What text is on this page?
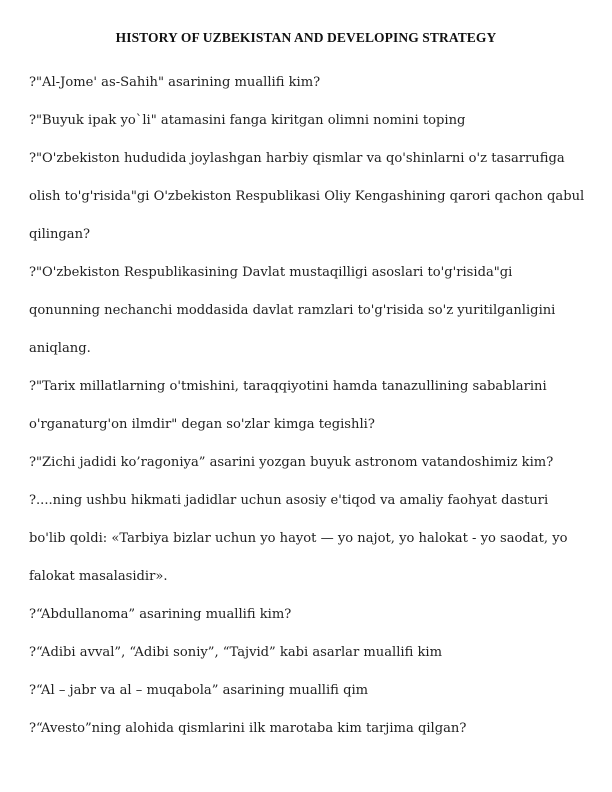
HISTORY OF UZBEKISTAN AND DEVELOPING STRATEGY
?"Al-Jome' as-Sahih" asarining muallifi kim?
?"Buyuk ipak yo`li" atamasini fanga kiritgan olimni nomini toping
?"O'zbekiston hududida joylashgan harbiy qismlar va qo'shinlarni o'z tasarrufiga
olish to'g'risida"gi O'zbekiston Respublikasi Oliy Kengashining qarori qachon qabul
qilingan?
?"O'zbekiston Respublikasining Davlat mustaqilligi asoslari to'g'risida"gi
qonunning nechanchi moddasida davlat ramzlari to'g'risida so'z yuritilganligini
aniqlang.
?"Tarix millatlarning o'tmishini, taraqqiyotini hamda tanazullining sabablarini
o'rganaturg'on ilmdir" degan so'zlar kimga tegishli?
?"Zichi jadidi ko’ragoniya” asarini yozgan buyuk astronom vatandoshimiz kim?
?....ning ushbu hikmati jadidlar uchun asosiy e'tiqod va amaliy faohyat dasturi
bo'lib qoldi: «Tarbiya bizlar uchun yo hayot — yo najot, yo halokat - yo saodat, yo
falokat masalasidir».
?“Abdullanoma” asarining muallifi kim?
?“Adibi avval”, “Adibi soniy”, “Tajvid” kabi asarlar muallifi kim
?“Al – jabr va al – muqabola” asarining muallifi qim
?“Avesto”ning alohida qismlarini ilk marotaba kim tarjima qilgan?
